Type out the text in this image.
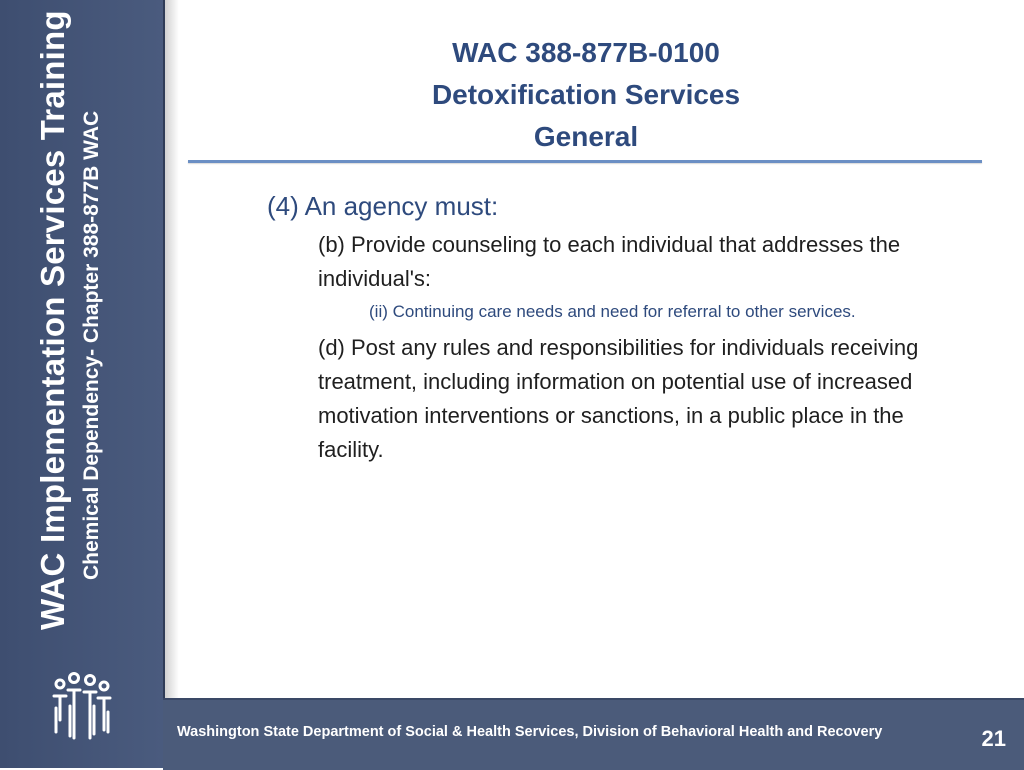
WAC Implementation Services Training Chemical Dependency- Chapter 388-877B WAC
WAC 388-877B-0100
Detoxification Services
General
(4) An agency must:
(b) Provide counseling to each individual that addresses the individual's:
(ii) Continuing care needs and need for referral to other services.
(d) Post any rules and responsibilities for individuals receiving treatment, including information on potential use of increased motivation interventions or sanctions, in a public place in the facility.
Washington State Department of Social & Health Services, Division of Behavioral Health and Recovery	21
